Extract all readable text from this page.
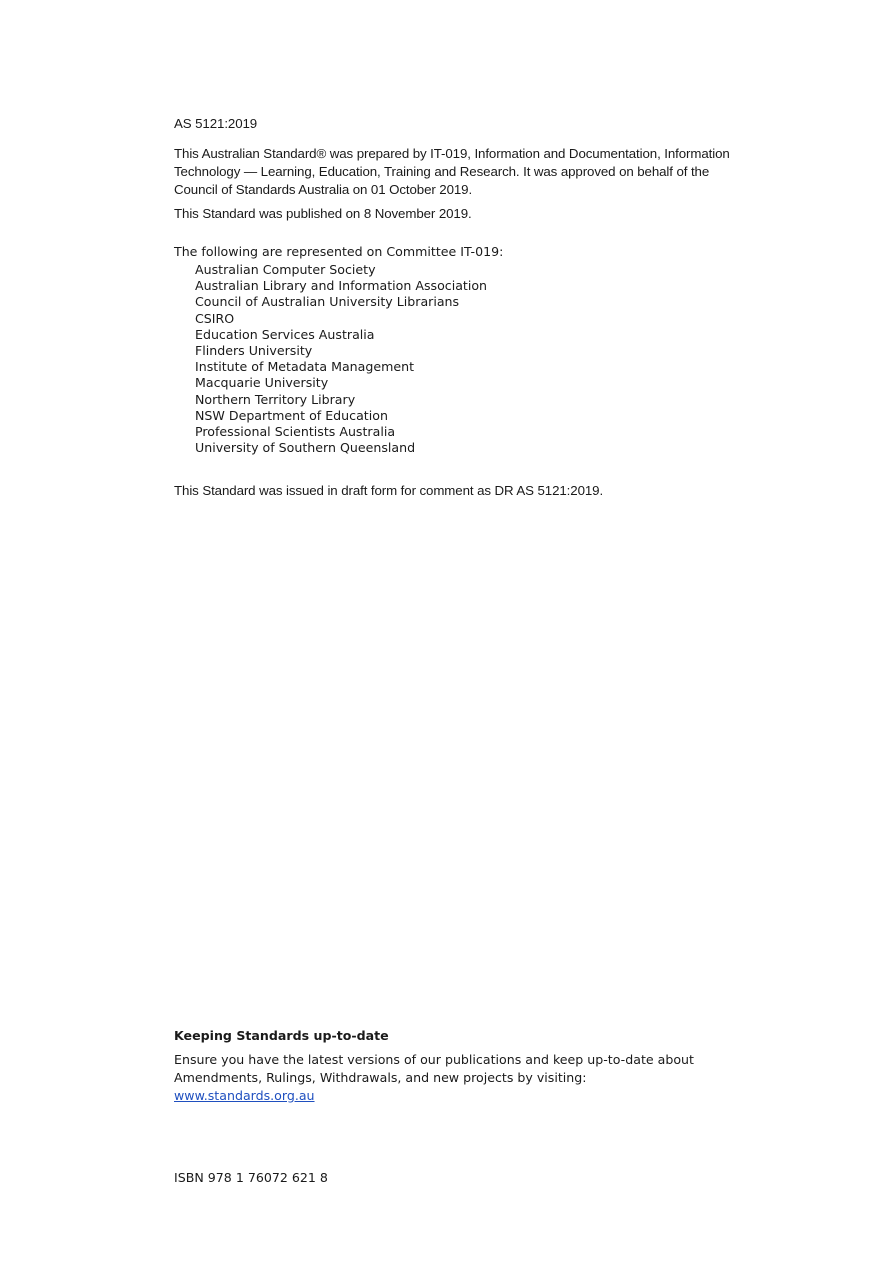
AS 5121:2019
This Australian Standard® was prepared by IT-019, Information and Documentation, Information Technology — Learning, Education, Training and Research. It was approved on behalf of the Council of Standards Australia on 01 October 2019.
This Standard was published on 8 November 2019.
The following are represented on Committee IT-019:
Australian Computer Society
Australian Library and Information Association
Council of Australian University Librarians
CSIRO
Education Services Australia
Flinders University
Institute of Metadata Management
Macquarie University
Northern Territory Library
NSW Department of Education
Professional Scientists Australia
University of Southern Queensland
This Standard was issued in draft form for comment as DR AS 5121:2019.
Keeping Standards up-to-date
Ensure you have the latest versions of our publications and keep up-to-date about Amendments, Rulings, Withdrawals, and new projects by visiting:
www.standards.org.au
ISBN 978 1 76072 621 8
